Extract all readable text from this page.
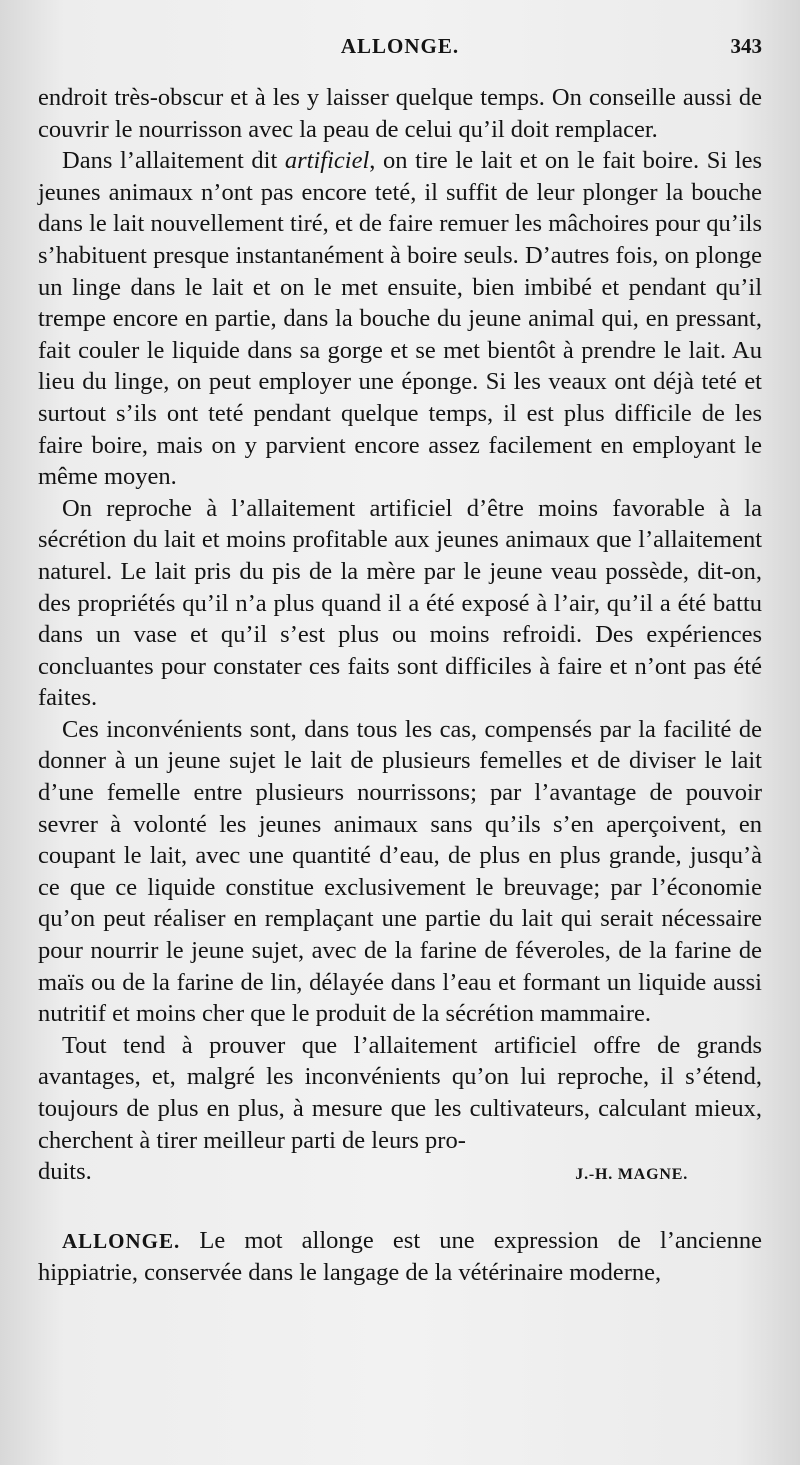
ALLONGE.	343

endroit très-obscur et à les y laisser quelque temps. On conseille aussi de couvrir le nourrisson avec la peau de celui qu’il doit remplacer.

Dans l’allaitement dit artificiel, on tire le lait et on le fait boire. Si les jeunes animaux n’ont pas encore teté, il suffit de leur plonger la bouche dans le lait nouvellement tiré, et de faire remuer les mâchoires pour qu’ils s’habituent presque instantanément à boire seuls. D’autres fois, on plonge un linge dans le lait et on le met ensuite, bien imbibé et pendant qu’il trempe encore en partie, dans la bouche du jeune animal qui, en pressant, fait couler le liquide dans sa gorge et se met bientôt à prendre le lait. Au lieu du linge, on peut employer une éponge. Si les veaux ont déjà teté et surtout s’ils ont teté pendant quelque temps, il est plus difficile de les faire boire, mais on y parvient encore assez facilement en employant le même moyen.

On reproche à l’allaitement artificiel d’être moins favorable à la sécrétion du lait et moins profitable aux jeunes animaux que l’allaitement naturel. Le lait pris du pis de la mère par le jeune veau possède, dit-on, des propriétés qu’il n’a plus quand il a été exposé à l’air, qu’il a été battu dans un vase et qu’il s’est plus ou moins refroidi. Des expériences concluantes pour constater ces faits sont difficiles à faire et n’ont pas été faites.

Ces inconvénients sont, dans tous les cas, compensés par la facilité de donner à un jeune sujet le lait de plusieurs femelles et de diviser le lait d’une femelle entre plusieurs nourrissons; par l’avantage de pouvoir sevrer à volonté les jeunes animaux sans qu’ils s’en aperçoivent, en coupant le lait, avec une quantité d’eau, de plus en plus grande, jusqu’à ce que ce liquide constitue exclusivement le breuvage; par l’économie qu’on peut réaliser en remplaçant une partie du lait qui serait nécessaire pour nourrir le jeune sujet, avec de la farine de féveroles, de la farine de maïs ou de la farine de lin, délayée dans l’eau et formant un liquide aussi nutritif et moins cher que le produit de la sécrétion mammaire.

Tout tend à prouver que l’allaitement artificiel offre de grands avantages, et, malgré les inconvénients qu’on lui reproche, il s’étend, toujours de plus en plus, à mesure que les cultivateurs, calculant mieux, cherchent à tirer meilleur parti de leurs pro-

duits.	J.-H. MAGNE.

ALLONGE. Le mot allonge est une expression de l’ancienne hippiatrie, conservée dans le langage de la vétérinaire moderne,
